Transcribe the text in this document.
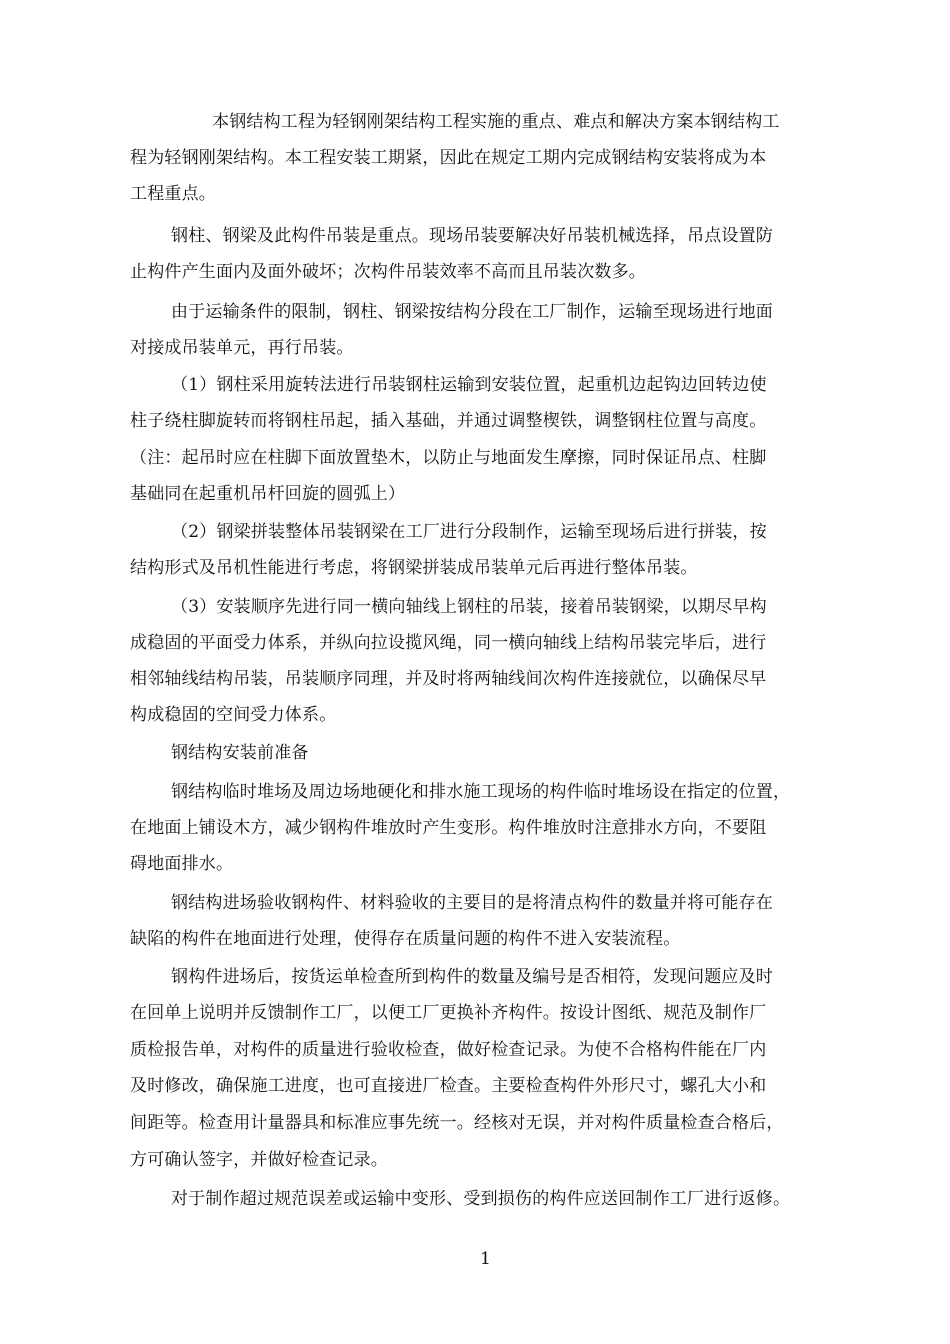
本钢结构工程为轻钢刚架结构工程实施的重点、难点和解决方案本钢结构工
程为轻钢刚架结构。本工程安装工期紧，因此在规定工期内完成钢结构安装将成为本
工程重点。
钢柱、钢梁及此构件吊装是重点。现场吊装要解决好吊装机械选择，吊点设置防
止构件产生面内及面外破坏；次构件吊装效率不高而且吊装次数多。
由于运输条件的限制，钢柱、钢梁按结构分段在工厂制作，运输至现场进行地面
对接成吊装单元，再行吊装。
（1）钢柱采用旋转法进行吊装钢柱运输到安装位置，起重机边起钩边回转边使
柱子绕柱脚旋转而将钢柱吊起，插入基础，并通过调整楔铁，调整钢柱位置与高度。
（注：起吊时应在柱脚下面放置垫木，以防止与地面发生摩擦，同时保证吊点、柱脚
基础同在起重机吊杆回旋的圆弧上）
（2）钢梁拼装整体吊装钢梁在工厂进行分段制作，运输至现场后进行拼装，按
结构形式及吊机性能进行考虑，将钢梁拼装成吊装单元后再进行整体吊装。
（3）安装顺序先进行同一横向轴线上钢柱的吊装，接着吊装钢梁，以期尽早构
成稳固的平面受力体系，并纵向拉设揽风绳，同一横向轴线上结构吊装完毕后，进行
相邻轴线结构吊装，吊装顺序同理，并及时将两轴线间次构件连接就位，以确保尽早
构成稳固的空间受力体系。
钢结构安装前准备
钢结构临时堆场及周边场地硬化和排水施工现场的构件临时堆场设在指定的位置，
在地面上铺设木方，减少钢构件堆放时产生变形。构件堆放时注意排水方向，不要阻
碍地面排水。
钢结构进场验收钢构件、材料验收的主要目的是将清点构件的数量并将可能存在
缺陷的构件在地面进行处理，使得存在质量问题的构件不进入安装流程。
钢构件进场后，按货运单检查所到构件的数量及编号是否相符，发现问题应及时
在回单上说明并反馈制作工厂，以便工厂更换补齐构件。按设计图纸、规范及制作厂
质检报告单，对构件的质量进行验收检查，做好检查记录。为使不合格构件能在厂内
及时修改，确保施工进度，也可直接进厂检查。主要检查构件外形尺寸，螺孔大小和
间距等。检查用计量器具和标准应事先统一。经核对无误，并对构件质量检查合格后，
方可确认签字，并做好检查记录。
对于制作超过规范误差或运输中变形、受到损伤的构件应送回制作工厂进行返修。
1
